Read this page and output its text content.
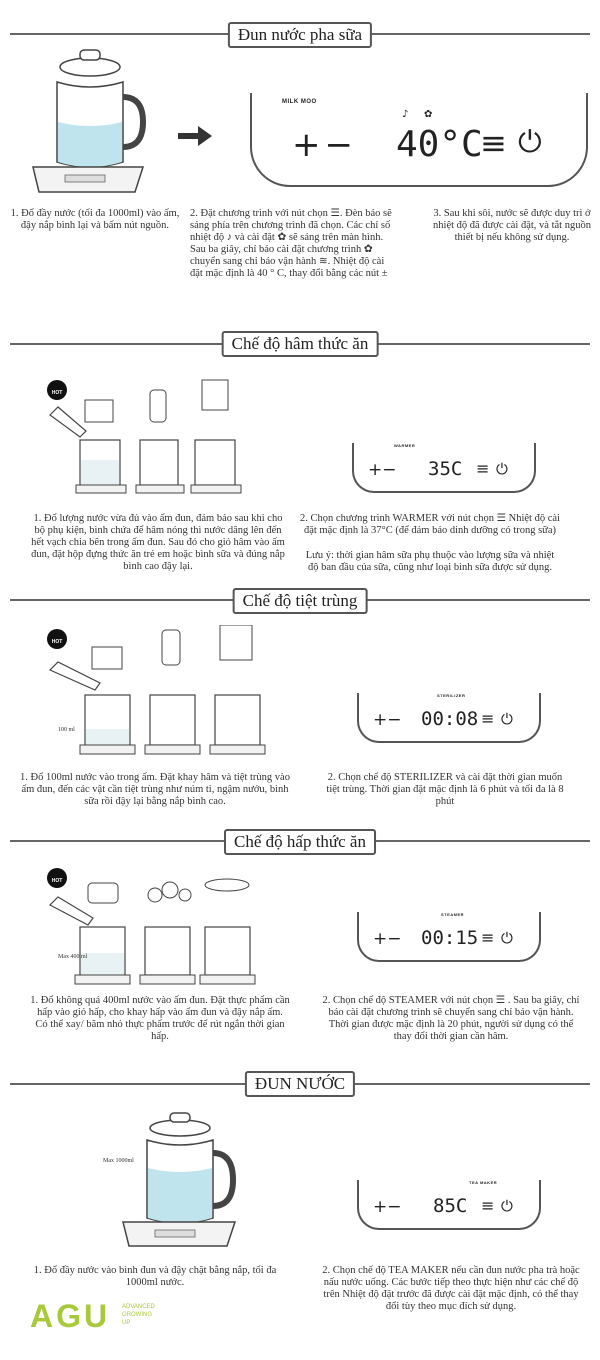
Đun nước pha sữa
MILK MOO
+− 40°C
≡ ⏻
♪ ✿
1. Đổ đầy nước (tối đa 1000ml) vào ấm, đậy nắp bình lại và bấm nút nguồn.
2. Đặt chương trình với nút chọn ☰. Đèn báo sẽ sáng phía trên chương trình đã chọn. Các chỉ số nhiệt độ ♪ và cài đặt ✿ sẽ sáng trên màn hình. Sau ba giây, chỉ báo cài đặt chương trình ✿ chuyển sang chỉ báo vận hành ≋. Nhiệt độ cài đặt mặc định là 40 ° C, thay đổi bằng các nút ±
3. Sau khi sôi, nước sẽ được duy trì ở nhiệt độ đã được cài đặt, và tắt nguồn thiết bị nếu không sử dụng.
Chế độ hâm thức ăn
HOT
WARMER
+− 35C ≡ ⏻
1. Đổ lượng nước vừa đủ vào ấm đun, đảm bảo sau khi cho bộ phụ kiện, bình chứa để hâm nóng thì nước dâng lên đến hết vạch chia bên trong ấm đun. Sau đó cho giỏ hâm vào ấm đun, đặt hộp đựng thức ăn trẻ em hoặc bình sữa và đúng nắp bình cao đậy lại.
2. Chọn chương trình WARMER với nút chọn ☰ Nhiệt độ cài đặt mặc định là 37°C (để đảm bảo dinh dưỡng có trong sữa)
Lưu ý: thời gian hâm sữa phụ thuộc vào lượng sữa và nhiệt độ ban đầu của sữa, cũng như loại bình sữa được sử dụng.
Chế độ tiệt trùng
HOT
100 ml
STERILIZER
+− 00:08 ≡ ⏻
1. Đổ 100ml nước vào trong ấm. Đặt khay hâm và tiệt trùng vào ấm đun, đến các vật cần tiệt trùng như núm ti, ngậm nướu, bình sữa rồi đậy lại bằng nắp bình cao.
2. Chọn chế độ STERILIZER và cài đặt thời gian muốn tiệt trùng. Thời gian đặt mặc định là 6 phút và tối đa là 8 phút
Chế độ hấp thức ăn
HOT
Max 400 ml
STEAMER
+− 00:15 ≡ ⏻
1. Đổ không quá 400ml nước vào ấm đun. Đặt thực phẩm cần hấp vào giỏ hấp, cho khay hấp vào ấm đun và đậy nắp ấm. Có thể xay/ băm nhỏ thực phẩm trước để rút ngắn thời gian hấp.
2. Chọn chế độ STEAMER với nút chọn ☰ . Sau ba giây, chỉ báo cài đặt chương trình sẽ chuyển sang chỉ báo vận hành. Thời gian được mặc định là 20 phút, người sử dụng có thể thay đổi thời gian cần hâm.
ĐUN NƯỚC
Max 1000ml
TEA MAKER
+− 85C ≡ ⏻
1. Đổ đầy nước vào bình đun và đậy chặt bằng nắp, tối đa 1000ml nước.
2. Chọn chế độ TEA MAKER nếu cần đun nước pha trà hoặc nấu nước uống. Các bước tiếp theo thực hiện như các chế độ trên Nhiệt độ đặt trước đã được cài đặt mặc định, có thể thay đổi tùy theo mục đích sử dụng.
AGU ADVANCED
GROWING
UP
